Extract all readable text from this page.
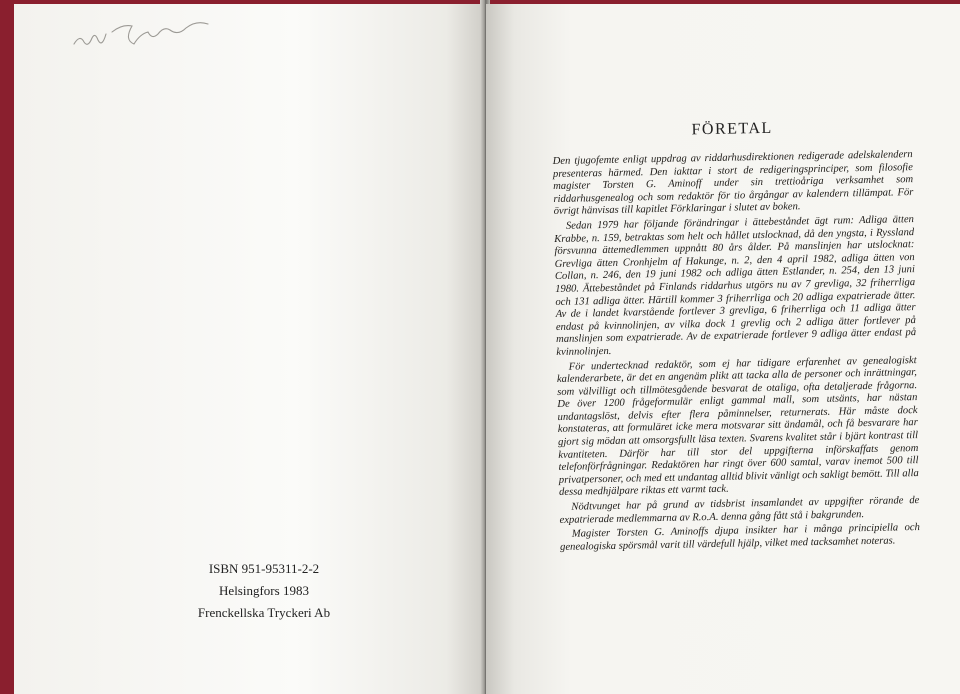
ISBN 951-95311-2-2
Helsingfors 1983
Frenckellska Tryckeri Ab
FÖRETAL

Den tjugofemte enligt uppdrag av riddarhusdirektionen redigerade adelskalendern presenteras härmed. Den iakttar i stort de redigeringsprinciper, som filosofie magister Torsten G. Aminoff under sin trettioåriga verksamhet som riddarhusgenealog och som redaktör för tio årgångar av kalendern tillämpat. För övrigt hänvisas till kapitlet Förklaringar i slutet av boken.

Sedan 1979 har följande förändringar i ättebeståndet ägt rum: Adliga ätten Krabbe, n. 159, betraktas som helt och hållet utslocknad, då den yngsta, i Ryssland försvunna ättemedlemmen uppnått 80 års ålder. På manslinjen har utslocknat: Grevliga ätten Cronhjelm af Hakunge, n. 2, den 4 april 1982, adliga ätten von Collan, n. 246, den 19 juni 1982 och adliga ätten Estlander, n. 254, den 13 juni 1980. Ättebeståndet på Finlands riddarhus utgörs nu av 7 grevliga, 32 friherrliga och 131 adliga ätter. Härtill kommer 3 friherrliga och 20 adliga expatrierade ätter. Av de i landet kvarstående fortlever 3 grevliga, 6 friherrliga och 11 adliga ätter endast på kvinnolinjen, av vilka dock 1 grevlig och 2 adliga ätter fortlever på manslinjen som expatrierade. Av de expatrierade fortlever 9 adliga ätter endast på kvinnolinjen.

För undertecknad redaktör, som ej har tidigare erfarenhet av genealogiskt kalenderarbete, är det en angenäm plikt att tacka alla de personer och inrättningar, som välvilligt och tillmötesgående besvarat de otaliga, ofta detaljerade frågorna. De över 1200 frågeformulär enligt gammal mall, som utsänts, har nästan undantagslöst, delvis efter flera påminnelser, returnerats. Här måste dock konstateras, att formuläret icke mera motsvarar sitt ändamål, och få besvarare har gjort sig mödan att omsorgsfullt läsa texten. Svarens kvalitet står i bjärt kontrast till kvantiteten. Därför har till stor del uppgifterna införskaffats genom telefonförfrågningar. Redaktören har ringt över 600 samtal, varav inemot 500 till privatpersoner, och med ett undantag alltid blivit vänligt och sakligt bemött. Till alla dessa medhjälpare riktas ett varmt tack.

Nödtvunget har på grund av tidsbrist insamlandet av uppgifter rörande de expatrierade medlemmarna av R.o.A. denna gång fått stå i bakgrunden.

Magister Torsten G. Aminoffs djupa insikter har i många principiella och genealogiska spörsmål varit till värdefull hjälp, vilket med tacksamhet noteras.
